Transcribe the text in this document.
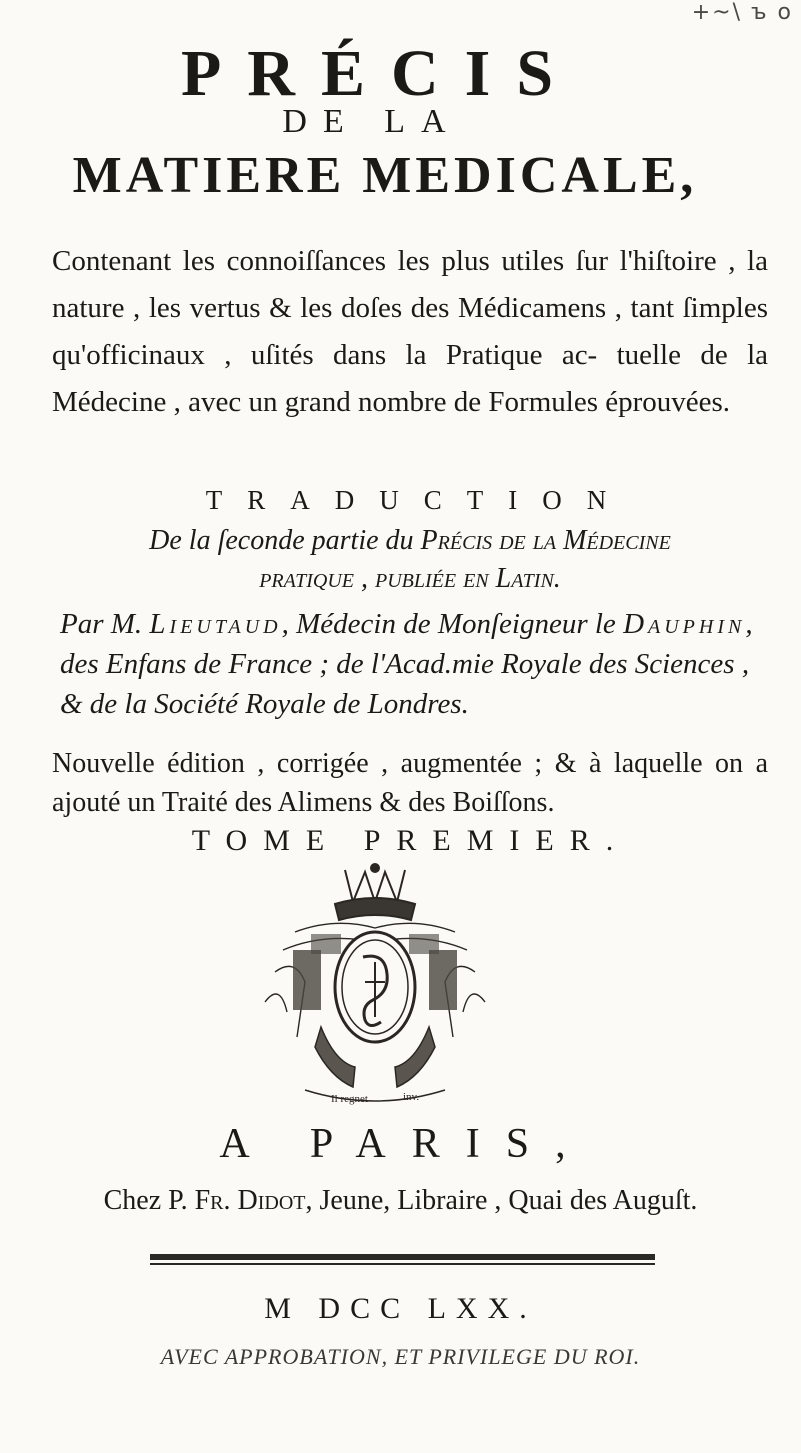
+~\ ъ о
PRÉCIS
DE LA
MATIERE MEDICALE,
Contenant les connoiſſances les plus utiles ſur l'hiſtoire , la nature , les vertus & les doſes des Médicamens , tant ſimples qu'officinaux , uſités dans la Pratique ac- tuelle de la Médecine , avec un grand nombre de Formules éprouvées.
TRADUCTION
De la ſeconde partie du Précis de la Médecine
pratique , publiée en Latin.
Par M. Lieutaud, Médecin de Monſeigneur le Dauphin, des Enfans de France ; de l'Acad.mie Royale des Sciences , & de la Société Royale de Londres.
Nouvelle édition , corrigée , augmentée ; & à laquelle on a ajouté un Traité des Alimens & des Boiſſons.
TOME PREMIER.
Il regnet	inv.
A PARIS,
Chez P. Fr. Didot, Jeune, Libraire , Quai des Auguſt.
M DCC LXX.
AVEC APPROBATION, ET PRIVILEGE DU ROI.
